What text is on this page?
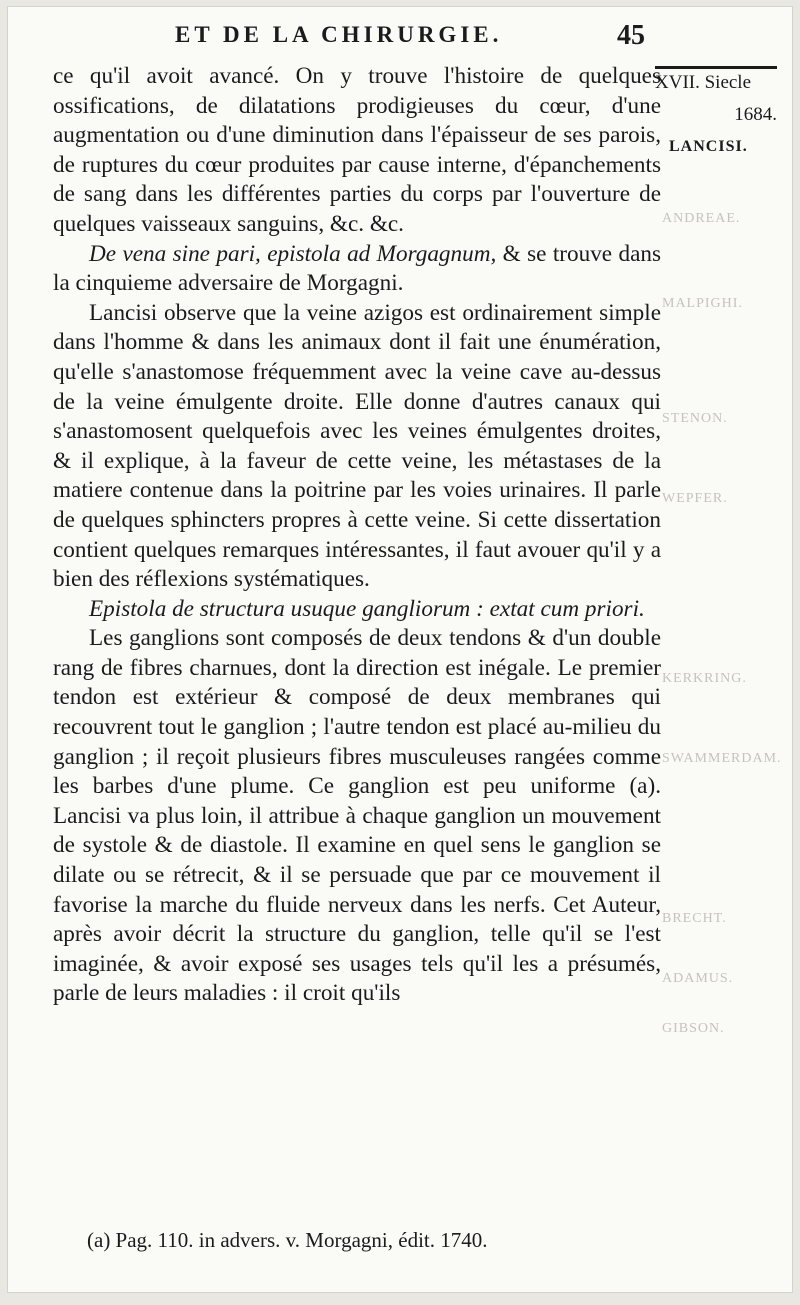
ET DE LA CHIRURGIE.	45

XVII. Siecle

1684.

LANCISI.

ANDREAE.
MALPIGHI.
STENON.
WEPFER.
KERKRING.
SWAMMERDAM.
BRECHT.
ADAMUS.
GIBSON.

ce qu'il avoit avancé. On y trouve l'histoire de quelques ossifications, de dilatations prodigieuses du cœur, d'une augmentation ou d'une diminution dans l'épaisseur de ses parois, de ruptures du cœur produites par cause interne, d'épanchements de sang dans les différentes parties du corps par l'ouverture de quelques vaisseaux sanguins, &c. &c.

De vena sine pari, epistola ad Morgagnum, & se trouve dans la cinquieme adversaire de Morgagni.

Lancisi observe que la veine azigos est ordinairement simple dans l'homme & dans les animaux dont il fait une énumération, qu'elle s'anastomose fréquemment avec la veine cave au-dessus de la veine émulgente droite. Elle donne d'autres canaux qui s'anastomosent quelquefois avec les veines émulgentes droites, & il explique, à la faveur de cette veine, les métastases de la matiere contenue dans la poitrine par les voies urinaires. Il parle de quelques sphincters propres à cette veine. Si cette dissertation contient quelques remarques intéressantes, il faut avouer qu'il y a bien des réflexions systématiques.

Epistola de structura usuque gangliorum : extat cum priori.

Les ganglions sont composés de deux tendons & d'un double rang de fibres charnues, dont la direction est inégale. Le premier tendon est extérieur & composé de deux membranes qui recouvrent tout le ganglion ; l'autre tendon est placé au-milieu du ganglion ; il reçoit plusieurs fibres musculeuses rangées comme les barbes d'une plume. Ce ganglion est peu uniforme (a). Lancisi va plus loin, il attribue à chaque ganglion un mouvement de systole & de diastole. Il examine en quel sens le ganglion se dilate ou se rétrecit, & il se persuade que par ce mouvement il favorise la marche du fluide nerveux dans les nerfs. Cet Auteur, après avoir décrit la structure du ganglion, telle qu'il se l'est imaginée, & avoir exposé ses usages tels qu'il les a présumés, parle de leurs maladies : il croit qu'ils

(a) Pag. 110. in advers. v. Morgagni, édit. 1740.
